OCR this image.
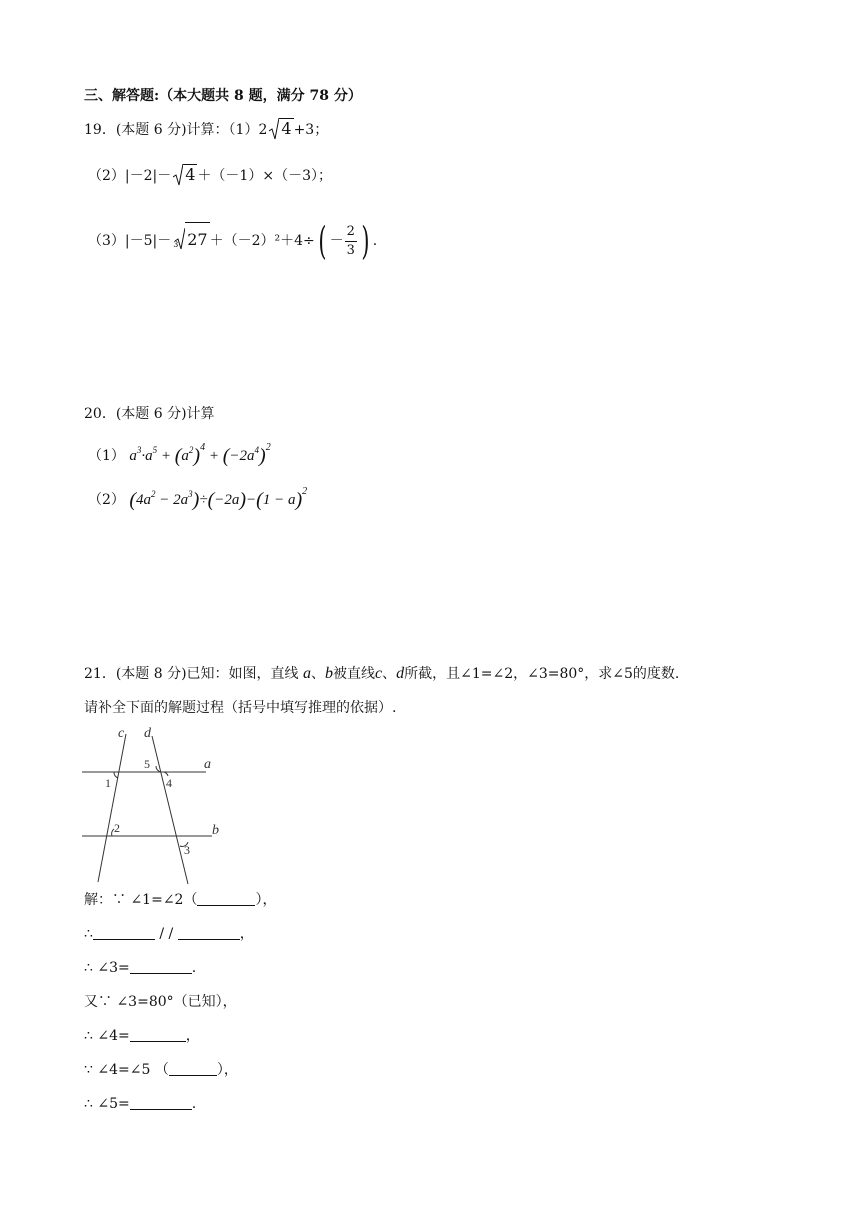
三、解答题:（本大题共 8 题，满分 78 分）
19．(本题 6 分)计算：（1）2 4 +3；
（2）|－2|－ 4 ＋（－1）×（－3）；
（3）|－5|－ 3 $27 +(-2)^2+4\div( - \frac{2}{3}$ ) .
20．(本题 6 分)计算
（1） $a^3\cdot a^5 + (a^2)^4 + (-2a^4)^2$
（2） $(4a^2 - 2a^3)\div(-2a)-(1 - a)^2$
21．(本题 8 分)已知：如图，直线 a、b被直线c、d所截，且∠1=∠2，∠3=80°，求∠5的度数.
请补全下面的解题过程（括号中填写推理的依据）.
c d
a
b
1
2
3
4
5
解：∵ ∠1=∠2（	），
∴	/ /	，
∴ ∠3=	.
又∵ ∠3=80°（已知），
∴ ∠4=	，
∵ ∠4=∠5 （	），
∴ ∠5=	.
